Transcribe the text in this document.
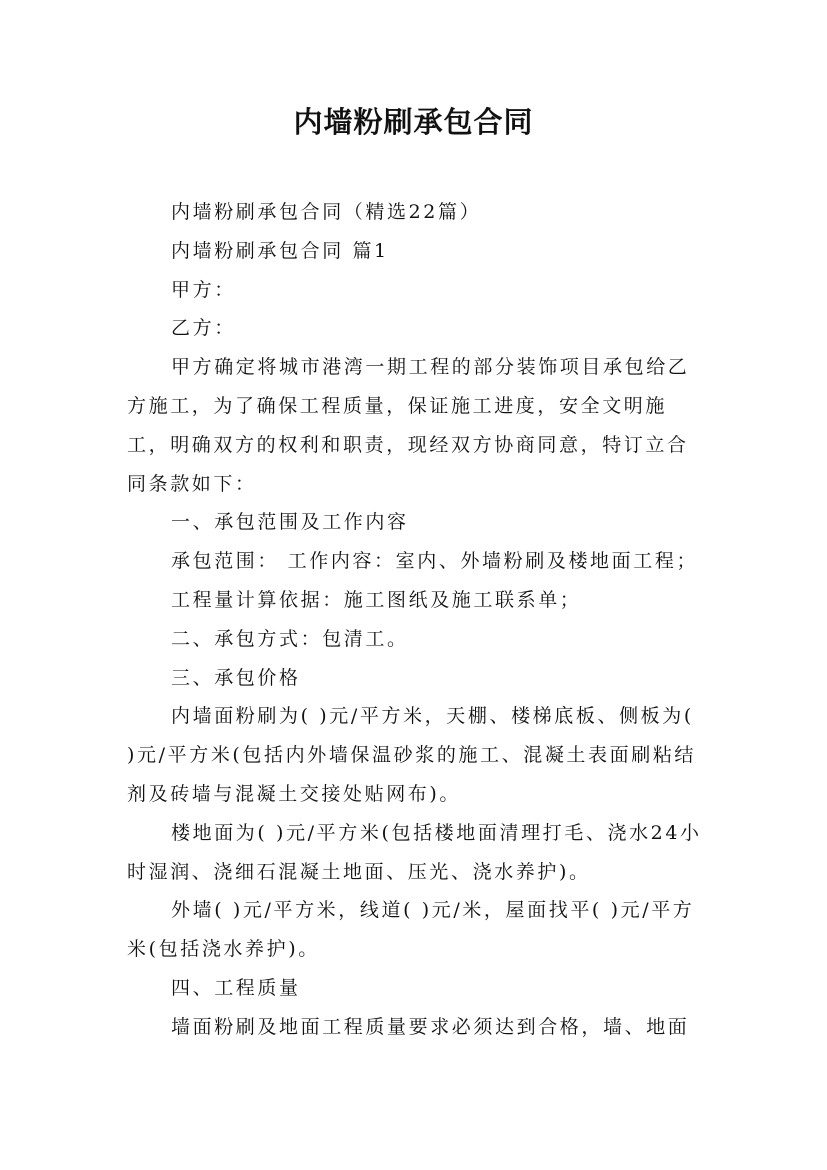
内墙粉刷承包合同

内墙粉刷承包合同（精选22篇）

内墙粉刷承包合同 篇1

甲方：

乙方：

甲方确定将城市港湾一期工程的部分装饰项目承包给乙方施工，为了确保工程质量，保证施工进度，安全文明施工，明确双方的权利和职责，现经双方协商同意，特订立合同条款如下：

一、承包范围及工作内容

承包范围： 工作内容：室内、外墙粉刷及楼地面工程；

工程量计算依据：施工图纸及施工联系单；

二、承包方式：包清工。

三、承包价格

内墙面粉刷为( )元/平方米，天棚、楼梯底板、侧板为( )元/平方米(包括内外墙保温砂浆的施工、混凝土表面刷粘结剂及砖墙与混凝土交接处贴网布)。

楼地面为( )元/平方米(包括楼地面清理打毛、浇水24小时湿润、浇细石混凝土地面、压光、浇水养护)。

外墙( )元/平方米，线道( )元/米，屋面找平( )元/平方米(包括浇水养护)。

四、工程质量

墙面粉刷及地面工程质量要求必须达到合格，墙、地面
